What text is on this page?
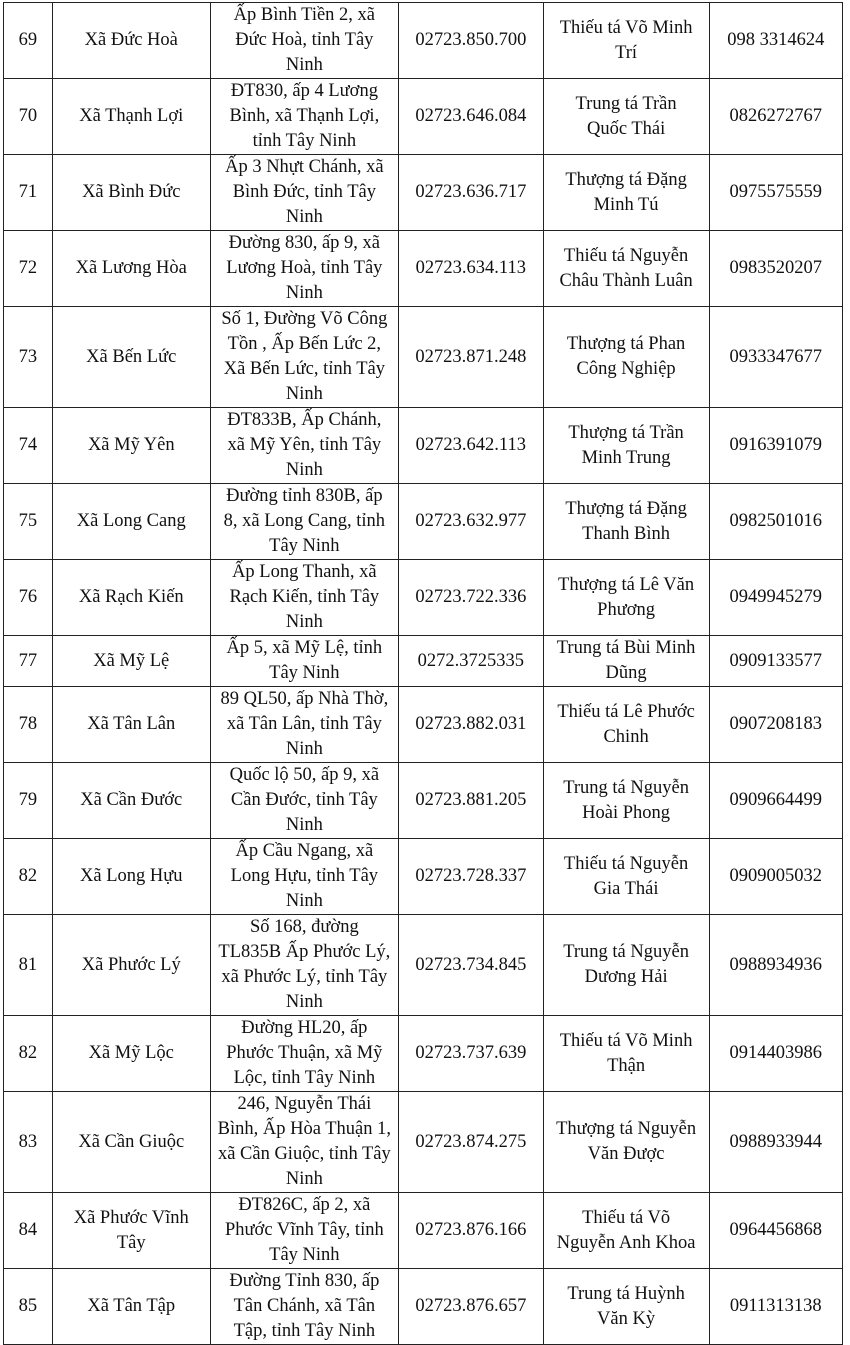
69	Xã Đức Hoà	Ấp Bình Tiền 2, xã
Đức Hoà, tỉnh Tây
Ninh	02723.850.700	Thiếu tá Võ Minh
Trí	098 3314624
70	Xã Thạnh Lợi	ĐT830, ấp 4 Lương
Bình, xã Thạnh Lợi,
tỉnh Tây Ninh	02723.646.084	Trung tá Trần
Quốc Thái	0826272767
71	Xã Bình Đức	Ấp 3 Nhựt Chánh, xã
Bình Đức, tỉnh Tây
Ninh	02723.636.717	Thượng tá Đặng
Minh Tú	0975575559
72	Xã Lương Hòa	Đường 830, ấp 9, xã
Lương Hoà, tỉnh Tây
Ninh	02723.634.113	Thiếu tá Nguyễn
Châu Thành Luân	0983520207
73	Xã Bến Lức	Số 1, Đường Võ Công
Tồn , Ấp Bến Lức 2,
Xã Bến Lức, tỉnh Tây
Ninh	02723.871.248	Thượng tá Phan
Công Nghiệp	0933347677
74	Xã Mỹ Yên	ĐT833B, Ấp Chánh,
xã Mỹ Yên, tỉnh Tây
Ninh	02723.642.113	Thượng tá Trần
Minh Trung	0916391079
75	Xã Long Cang	Đường tỉnh 830B, ấp
8, xã Long Cang, tỉnh
Tây Ninh	02723.632.977	Thượng tá Đặng
Thanh Bình	0982501016
76	Xã Rạch Kiến	Ấp Long Thanh, xã
Rạch Kiến, tỉnh Tây
Ninh	02723.722.336	Thượng tá Lê Văn
Phương	0949945279
77	Xã Mỹ Lệ	Ấp 5, xã Mỹ Lệ, tỉnh
Tây Ninh	0272.3725335	Trung tá Bùi Minh
Dũng	0909133577
78	Xã Tân Lân	89 QL50, ấp Nhà Thờ,
xã Tân Lân, tỉnh Tây
Ninh	02723.882.031	Thiếu tá Lê Phước
Chinh	0907208183
79	Xã Cần Đước	Quốc lộ 50, ấp 9, xã
Cần Đước, tỉnh Tây
Ninh	02723.881.205	Trung tá Nguyễn
Hoài Phong	0909664499
82	Xã Long Hựu	Ấp Cầu Ngang, xã
Long Hựu, tỉnh Tây
Ninh	02723.728.337	Thiếu tá Nguyễn
Gia Thái	0909005032
81	Xã Phước Lý	Số 168, đường
TL835B Ấp Phước Lý,
xã Phước Lý, tỉnh Tây
Ninh	02723.734.845	Trung tá Nguyễn
Dương Hải	0988934936
82	Xã Mỹ Lộc	Đường HL20, ấp
Phước Thuận, xã Mỹ
Lộc, tỉnh Tây Ninh	02723.737.639	Thiếu tá Võ Minh
Thận	0914403986
83	Xã Cần Giuộc	246, Nguyễn Thái
Bình, Ấp Hòa Thuận 1,
xã Cần Giuộc, tỉnh Tây
Ninh	02723.874.275	Thượng tá Nguyễn
Văn Được	0988933944
84	Xã Phước Vĩnh
Tây	ĐT826C, ấp 2, xã
Phước Vĩnh Tây, tỉnh
Tây Ninh	02723.876.166	Thiếu tá Võ
Nguyễn Anh Khoa	0964456868
85	Xã Tân Tập	Đường Tỉnh 830, ấp
Tân Chánh, xã Tân
Tập, tỉnh Tây Ninh	02723.876.657	Trung tá Huỳnh
Văn Kỳ	0911313138
